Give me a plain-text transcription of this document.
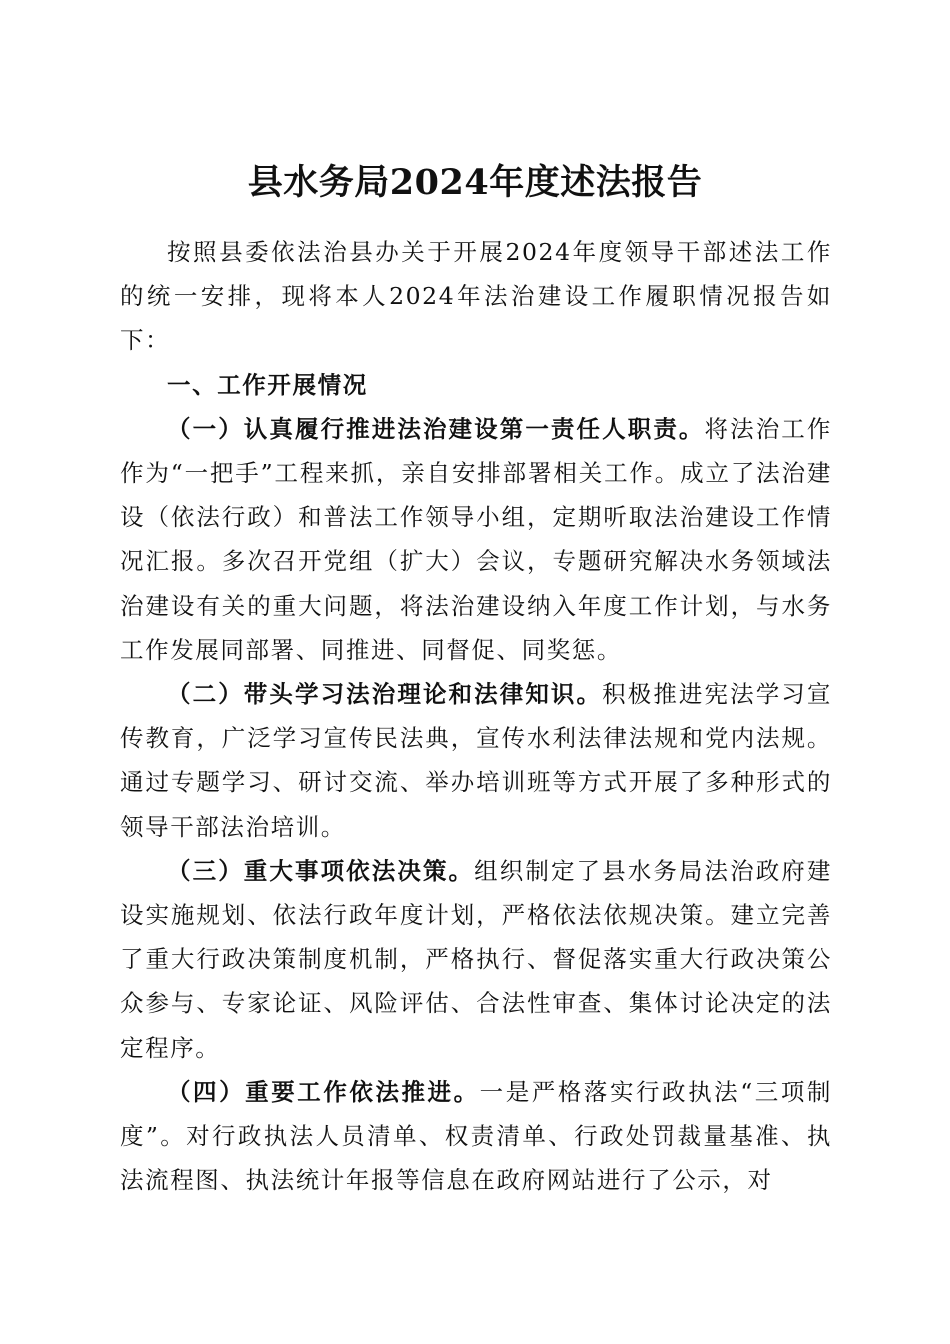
县水务局2024年度述法报告

按照县委依法治县办关于开展2024年度领导干部述法工作的统一安排，现将本人2024年法治建设工作履职情况报告如下：

一、工作开展情况

（一）认真履行推进法治建设第一责任人职责。将法治工作作为“一把手”工程来抓，亲自安排部署相关工作。成立了法治建设（依法行政）和普法工作领导小组，定期听取法治建设工作情况汇报。多次召开党组（扩大）会议，专题研究解决水务领域法治建设有关的重大问题，将法治建设纳入年度工作计划，与水务工作发展同部署、同推进、同督促、同奖惩。

（二）带头学习法治理论和法律知识。积极推进宪法学习宣传教育，广泛学习宣传民法典，宣传水利法律法规和党内法规。通过专题学习、研讨交流、举办培训班等方式开展了多种形式的领导干部法治培训。

（三）重大事项依法决策。组织制定了县水务局法治政府建设实施规划、依法行政年度计划，严格依法依规决策。建立完善了重大行政决策制度机制，严格执行、督促落实重大行政决策公众参与、专家论证、风险评估、合法性审查、集体讨论决定的法定程序。

（四）重要工作依法推进。一是严格落实行政执法“三项制度”。对行政执法人员清单、权责清单、行政处罚裁量基准、执法流程图、执法统计年报等信息在政府网站进行了公示，对
